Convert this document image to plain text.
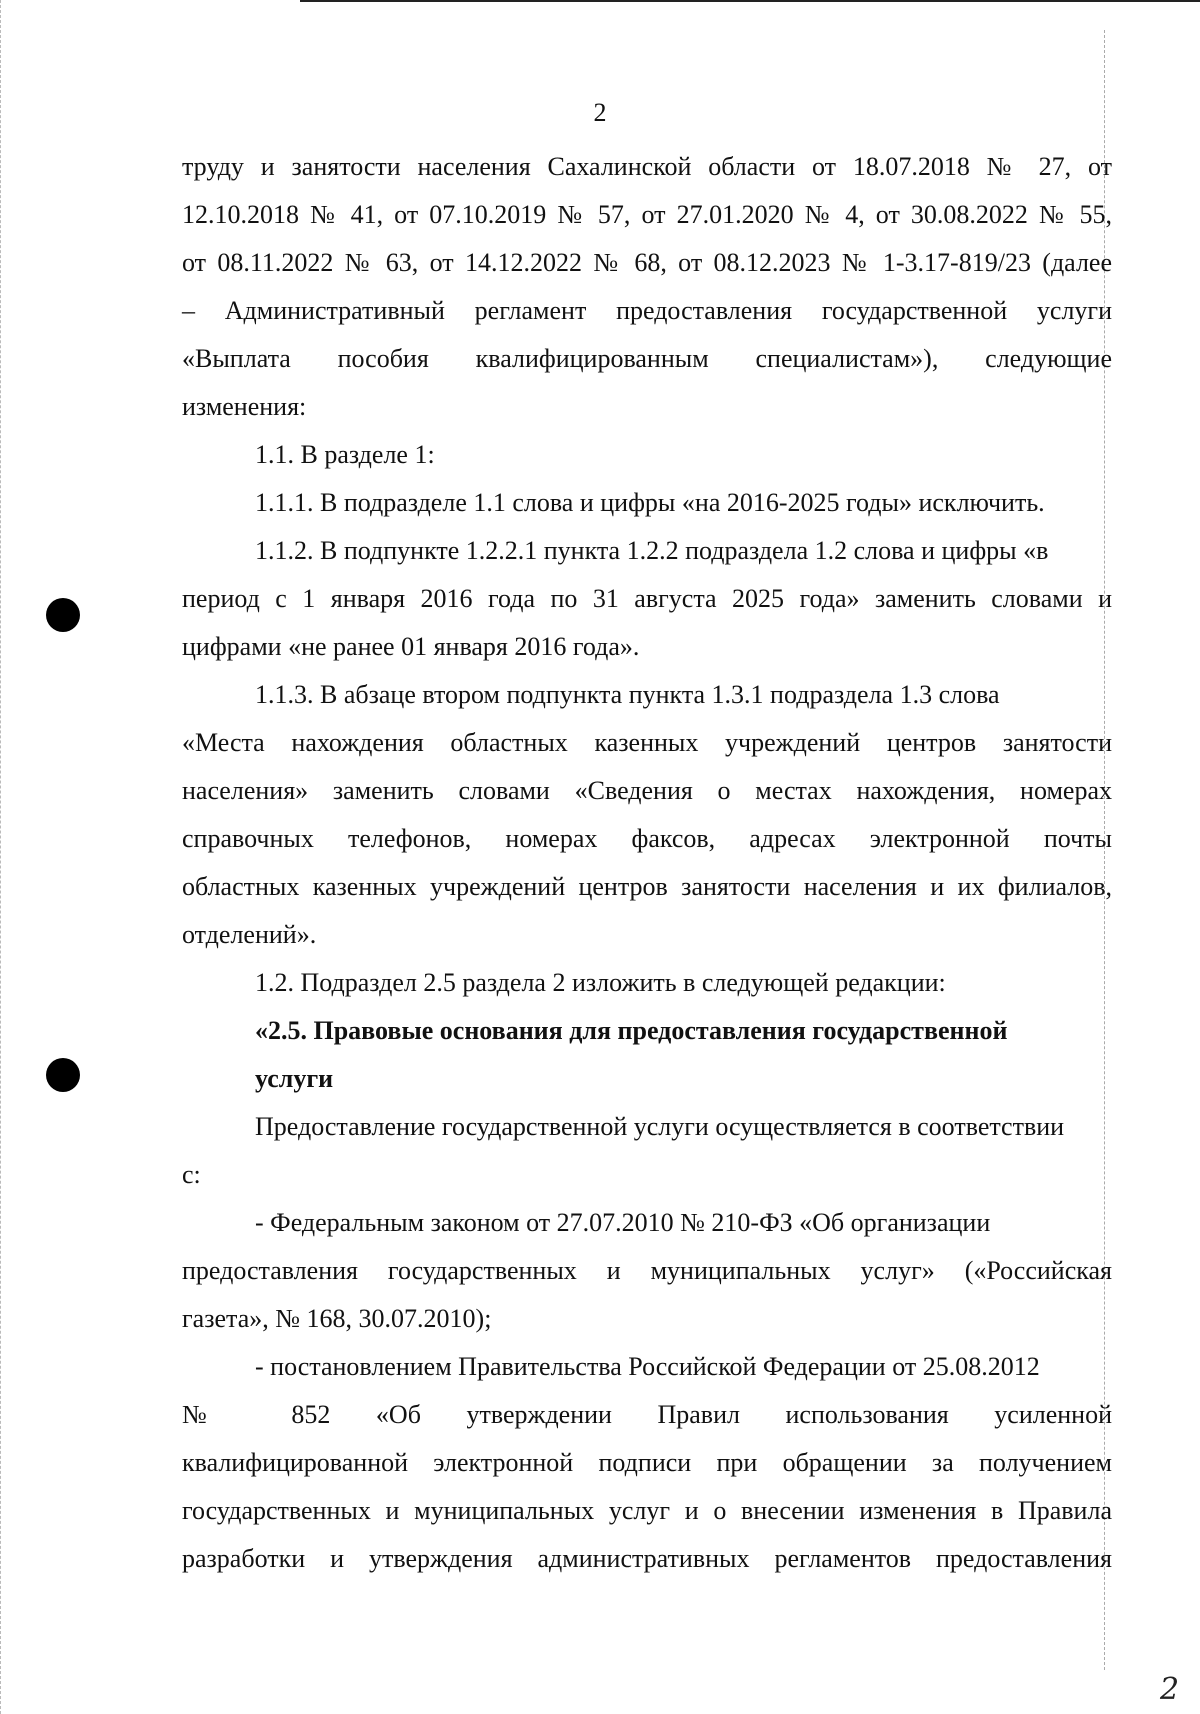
2
труду и занятости населения Сахалинской области от 18.07.2018 № 27, от
12.10.2018 № 41, от 07.10.2019 № 57, от 27.01.2020 № 4, от 30.08.2022 № 55,
от 08.11.2022 № 63, от 14.12.2022 № 68, от 08.12.2023 № 1-3.17-819/23 (далее
– Административный регламент предоставления государственной услуги
«Выплата пособия квалифицированным специалистам»), следующие
изменения:
1.1. В разделе 1:
1.1.1. В подразделе 1.1 слова и цифры «на 2016-2025 годы» исключить.
1.1.2. В подпункте 1.2.2.1 пункта 1.2.2 подраздела 1.2 слова и цифры «в
период с 1 января 2016 года по 31 августа 2025 года» заменить словами и
цифрами «не ранее 01 января 2016 года».
1.1.3. В абзаце втором подпункта пункта 1.3.1 подраздела 1.3 слова
«Места нахождения областных казенных учреждений центров занятости
населения» заменить словами «Сведения о местах нахождения, номерах
справочных телефонов, номерах факсов, адресах электронной почты
областных казенных учреждений центров занятости населения и их филиалов,
отделений».
1.2. Подраздел 2.5 раздела 2 изложить в следующей редакции:
«2.5. Правовые основания для предоставления государственной
услуги
Предоставление государственной услуги осуществляется в соответствии
с:
- Федеральным законом от 27.07.2010 № 210-ФЗ «Об организации
предоставления государственных и муниципальных услуг» («Российская
газета», № 168, 30.07.2010);
- постановлением Правительства Российской Федерации от 25.08.2012
№ 852 «Об утверждении Правил использования усиленной
квалифицированной электронной подписи при обращении за получением
государственных и муниципальных услуг и о внесении изменения в Правила
разработки и утверждения административных регламентов предоставления
2
